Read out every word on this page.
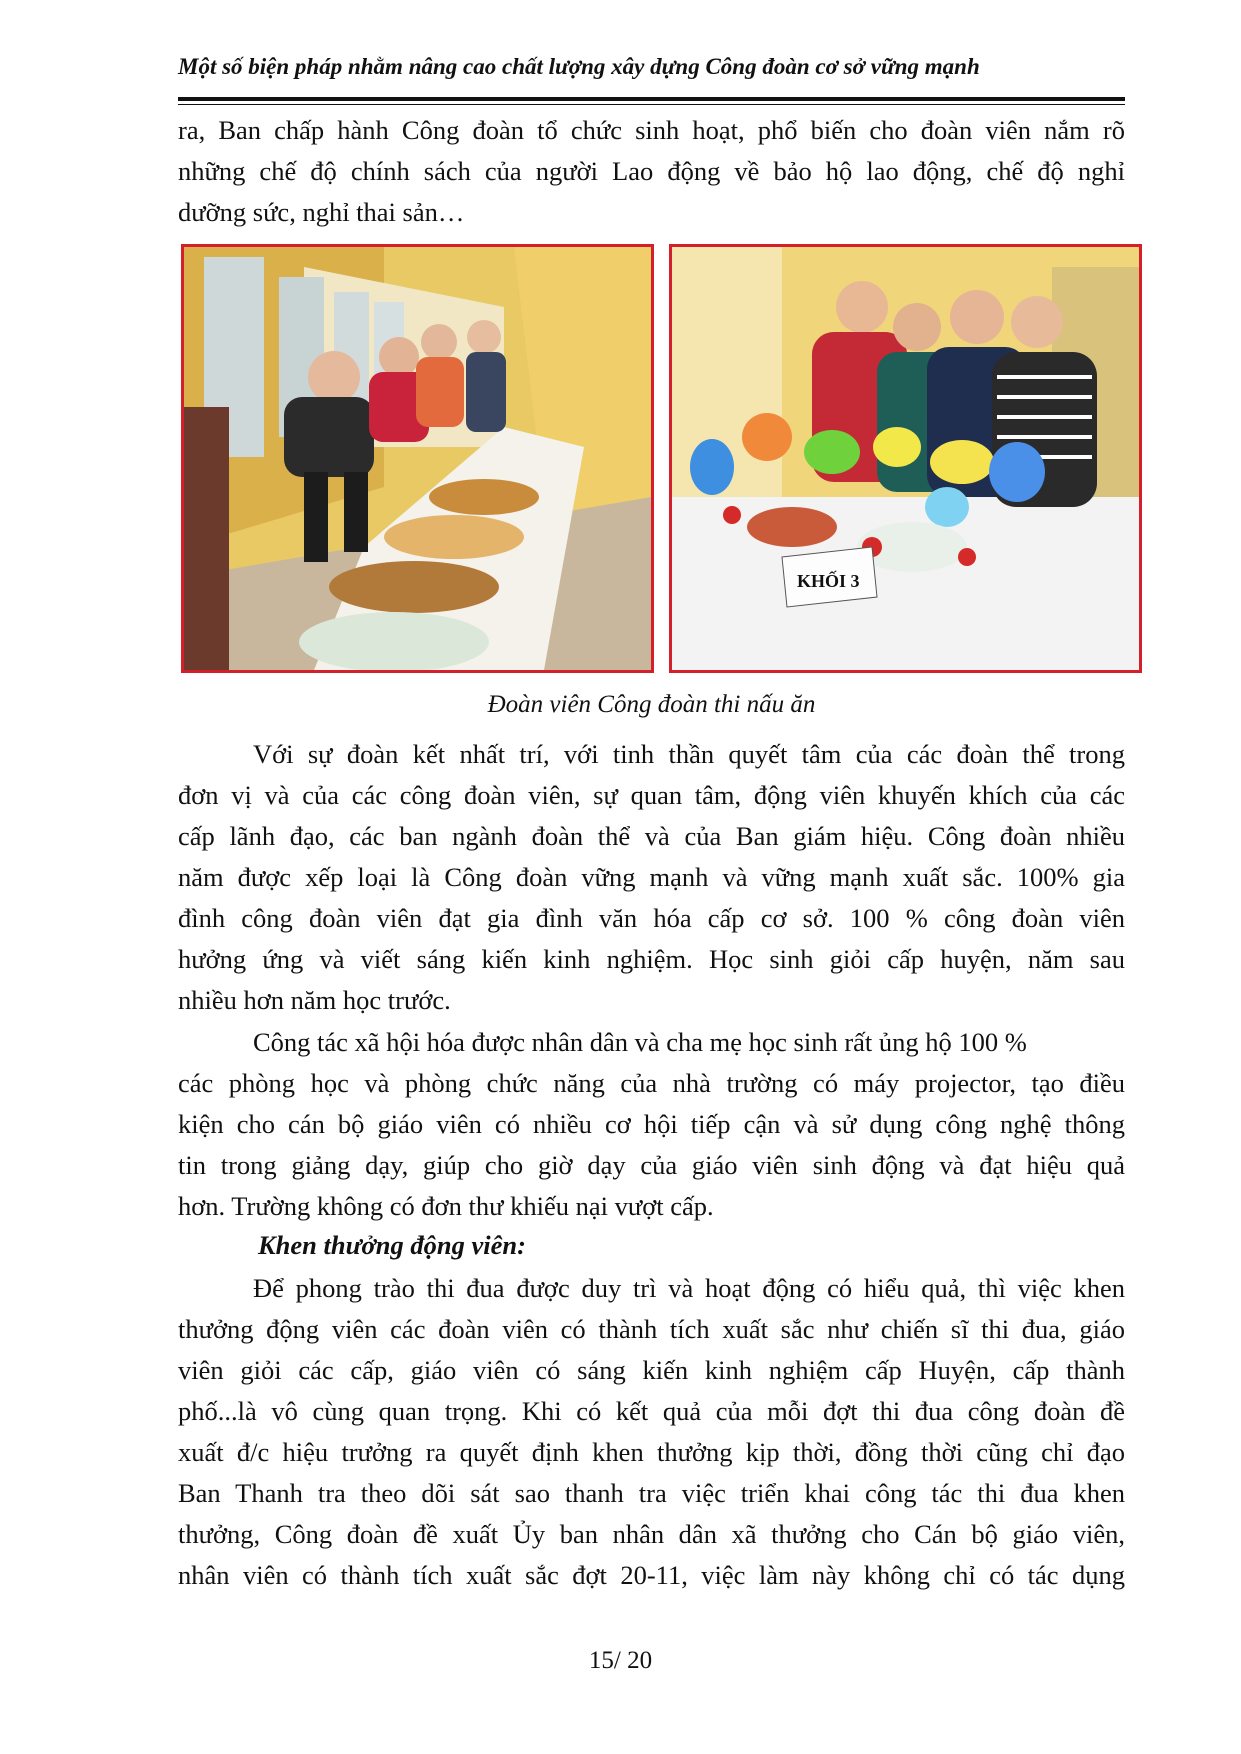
Một số biện pháp nhằm nâng cao chất lượng xây dựng Công đoàn cơ sở vững mạnh
ra, Ban chấp hành Công đoàn tổ chức sinh hoạt, phổ biến cho đoàn viên nắm rõ
những chế độ chính sách của người Lao động về bảo hộ lao động, chế độ nghỉ
dưỡng sức, nghỉ thai sản…
KHỐI 3
Đoàn viên Công đoàn thi nấu ăn
Với sự đoàn kết nhất trí, với tinh thần quyết tâm của các đoàn thể trong
đơn vị và của các công đoàn viên, sự quan tâm, động viên khuyến khích của các
cấp lãnh đạo, các ban ngành đoàn thể và của Ban giám hiệu. Công đoàn nhiều
năm được xếp loại là Công đoàn vững mạnh và vững mạnh xuất sắc. 100% gia
đình công đoàn viên đạt gia đình văn hóa cấp cơ sở. 100 % công đoàn viên
hưởng ứng và viết sáng kiến kinh nghiệm. Học sinh giỏi cấp huyện, năm sau
nhiều hơn năm học trước.
Công tác xã hội hóa được nhân dân và cha mẹ học sinh rất ủng hộ 100 %
các phòng học và phòng chức năng của nhà trường có máy projector, tạo điều
kiện cho cán bộ giáo viên có nhiều cơ hội tiếp cận và sử dụng công nghệ thông
tin trong giảng dạy, giúp cho giờ dạy của giáo viên sinh động và đạt hiệu quả
hơn. Trường không có đơn thư khiếu nại vượt cấp.
Khen thưởng động viên:
Để phong trào thi đua được duy trì và hoạt động có hiểu quả, thì việc khen
thưởng động viên các đoàn viên có thành tích xuất sắc như chiến sĩ thi đua, giáo
viên giỏi các cấp, giáo viên có sáng kiến kinh nghiệm cấp Huyện, cấp thành
phố...là vô cùng quan trọng. Khi có kết quả của mỗi đợt thi đua công đoàn đề
xuất đ/c hiệu trưởng ra quyết định khen thưởng kịp thời, đồng thời cũng chỉ đạo
Ban Thanh tra theo dõi sát sao thanh tra việc triển khai công tác thi đua khen
thưởng, Công đoàn đề xuất Ủy ban nhân dân xã thưởng cho Cán bộ giáo viên,
nhân viên có thành tích xuất sắc đợt 20-11, việc làm này không chỉ có tác dụng
15/ 20
